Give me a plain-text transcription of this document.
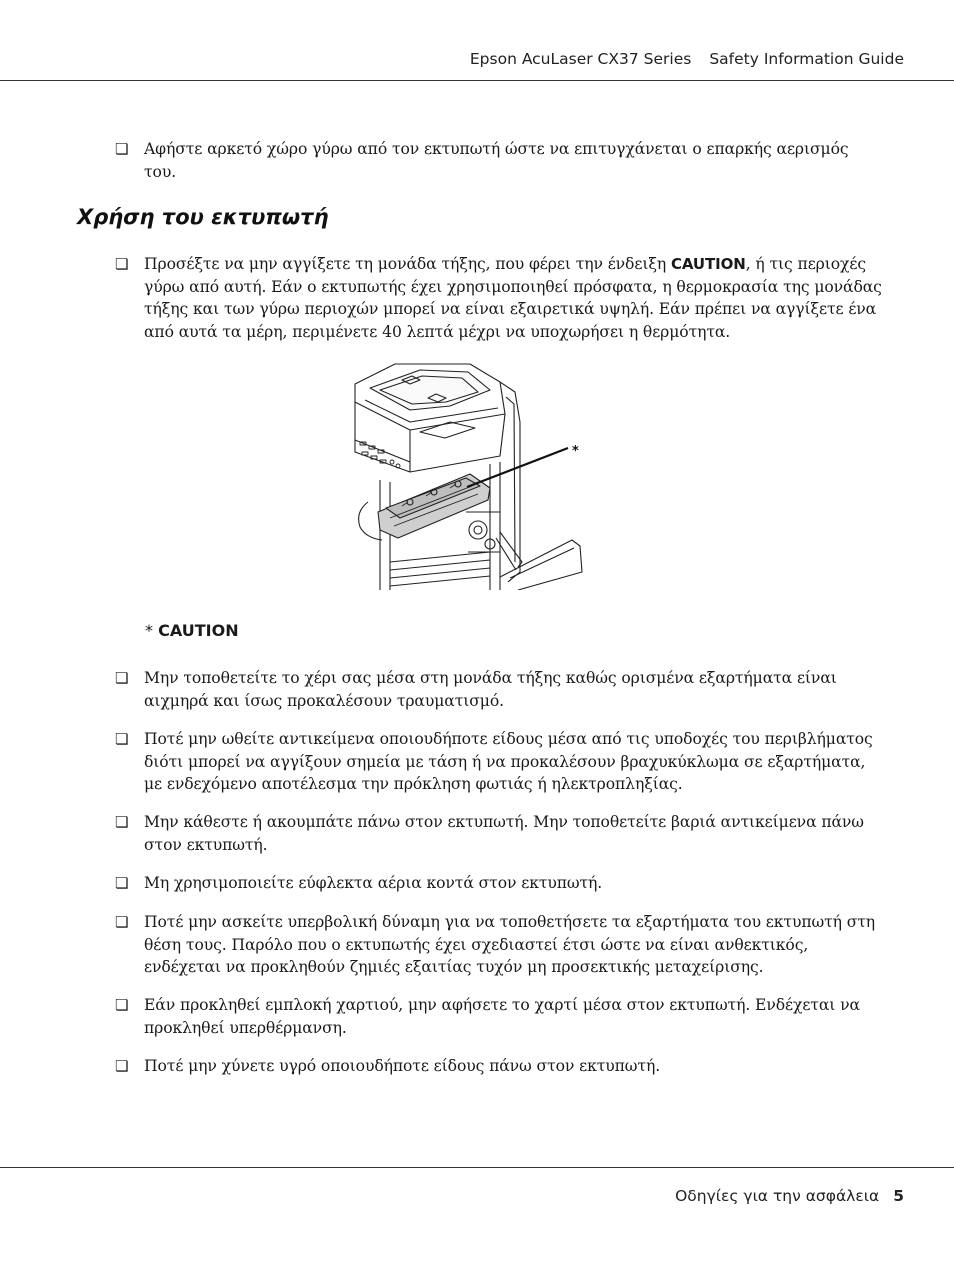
Epson AcuLaser CX37 Series Safety Information Guide
❏ Αφήστε αρκετό χώρο γύρω από τον εκτυπωτή ώστε να επιτυγχάνεται ο επαρκής αερισμός του.
Χρήση του εκτυπωτή
❏ Προσέξτε να μην αγγίξετε τη μονάδα τήξης, που φέρει την ένδειξη CAUTION, ή τις περιοχές γύρω από αυτή. Εάν ο εκτυπωτής έχει χρησιμοποιηθεί πρόσφατα, η θερμοκρασία της μονάδας τήξης και των γύρω περιοχών μπορεί να είναι εξαιρετικά υψηλή. Εάν πρέπει να αγγίξετε ένα από αυτά τα μέρη, περιμένετε 40 λεπτά μέχρι να υποχωρήσει η θερμότητα.
*
* CAUTION
❏ Μην τοποθετείτε το χέρι σας μέσα στη μονάδα τήξης καθώς ορισμένα εξαρτήματα είναι αιχμηρά και ίσως προκαλέσουν τραυματισμό.
❏ Ποτέ μην ωθείτε αντικείμενα οποιουδήποτε είδους μέσα από τις υποδοχές του περιβλήματος διότι μπορεί να αγγίξουν σημεία με τάση ή να προκαλέσουν βραχυκύκλωμα σε εξαρτήματα, με ενδεχόμενο αποτέλεσμα την πρόκληση φωτιάς ή ηλεκτροπληξίας.
❏ Μην κάθεστε ή ακουμπάτε πάνω στον εκτυπωτή. Μην τοποθετείτε βαριά αντικείμενα πάνω στον εκτυπωτή.
❏ Μη χρησιμοποιείτε εύφλεκτα αέρια κοντά στον εκτυπωτή.
❏ Ποτέ μην ασκείτε υπερβολική δύναμη για να τοποθετήσετε τα εξαρτήματα του εκτυπωτή στη θέση τους. Παρόλο που ο εκτυπωτής έχει σχεδιαστεί έτσι ώστε να είναι ανθεκτικός, ενδέχεται να προκληθούν ζημιές εξαιτίας τυχόν μη προσεκτικής μεταχείρισης.
❏ Εάν προκληθεί εμπλοκή χαρτιού, μην αφήσετε το χαρτί μέσα στον εκτυπωτή. Ενδέχεται να προκληθεί υπερθέρμανση.
❏ Ποτέ μην χύνετε υγρό οποιουδήποτε είδους πάνω στον εκτυπωτή.
Οδηγίες για την ασφάλεια 5
